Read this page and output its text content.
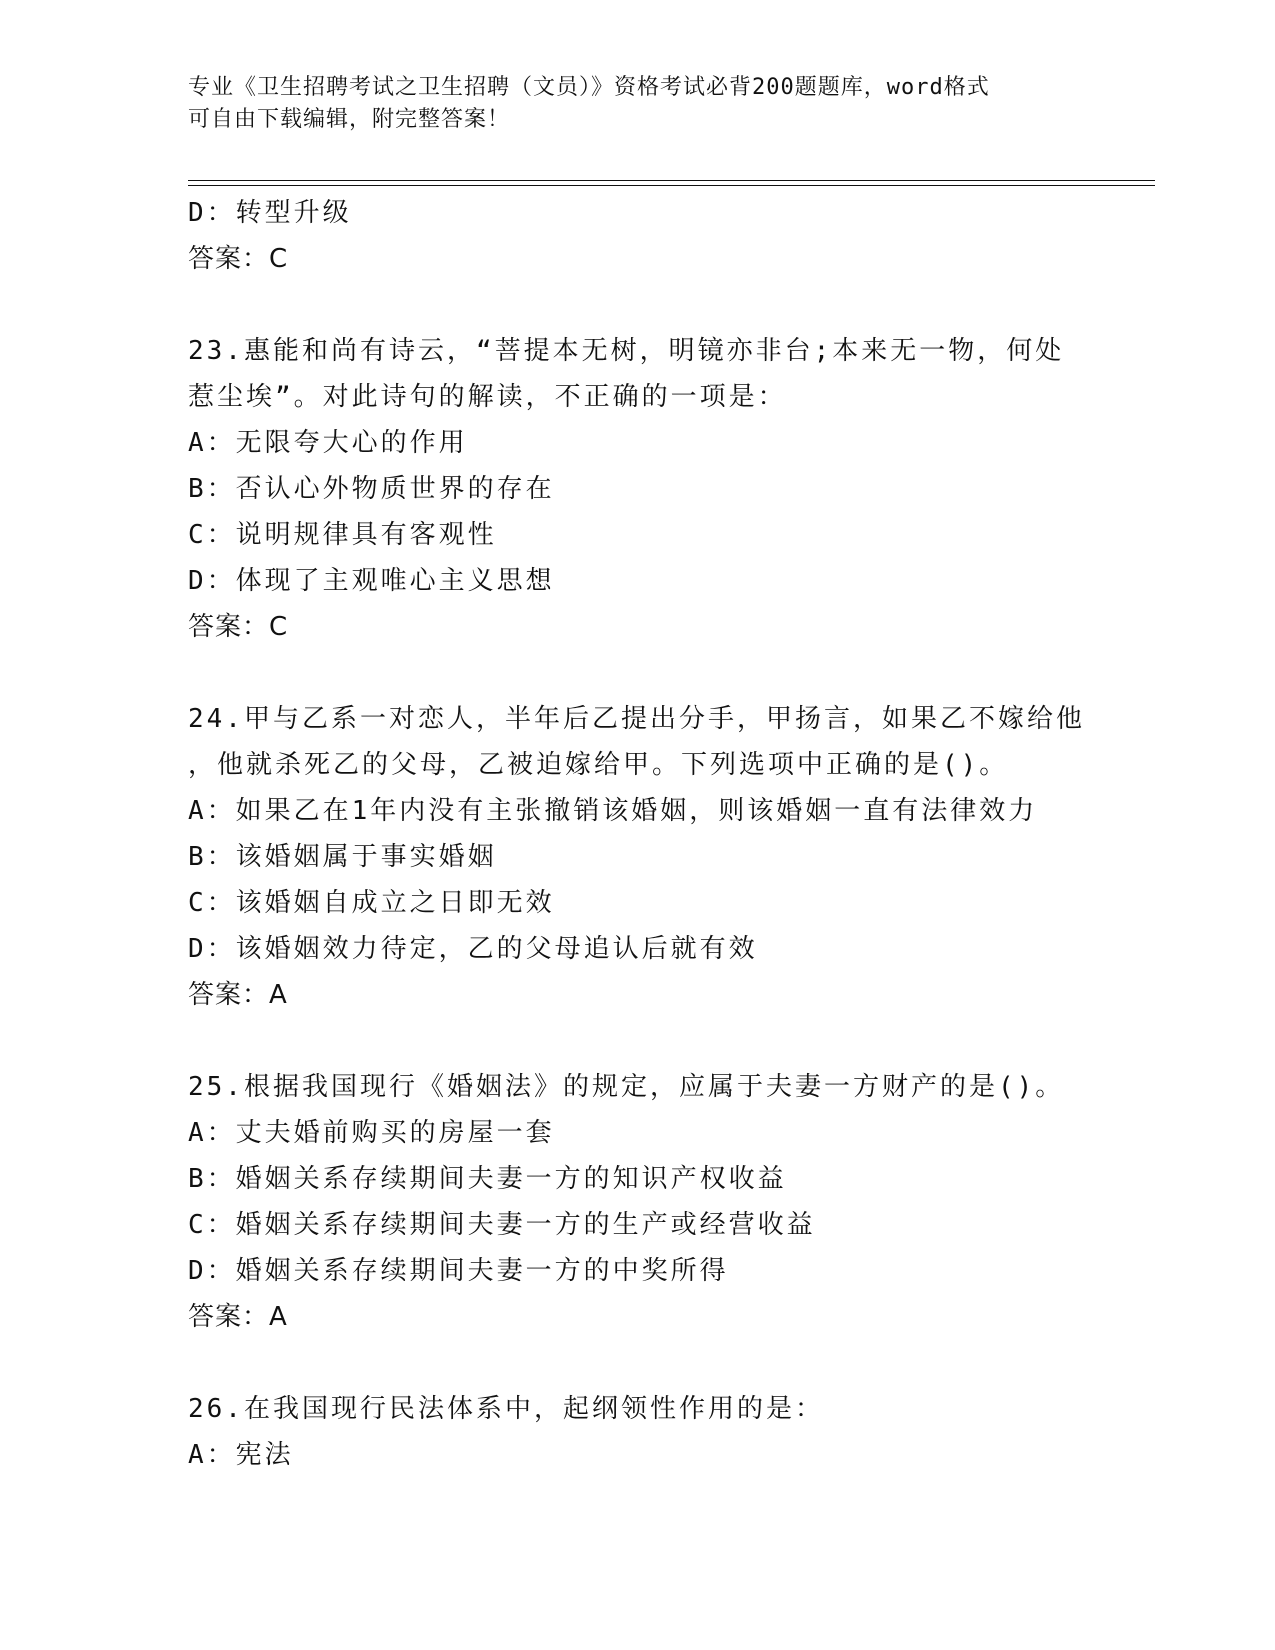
专业《卫生招聘考试之卫生招聘（文员）》资格考试必背200题题库，word格式
可自由下载编辑，附完整答案！
D：转型升级
答案：C
23.惠能和尚有诗云，“菩提本无树，明镜亦非台;本来无一物，何处
惹尘埃”。对此诗句的解读，不正确的一项是：
A：无限夸大心的作用
B：否认心外物质世界的存在
C：说明规律具有客观性
D：体现了主观唯心主义思想
答案：C
24.甲与乙系一对恋人，半年后乙提出分手，甲扬言，如果乙不嫁给他
，他就杀死乙的父母，乙被迫嫁给甲。下列选项中正确的是()。
A：如果乙在1年内没有主张撤销该婚姻，则该婚姻一直有法律效力
B：该婚姻属于事实婚姻
C：该婚姻自成立之日即无效
D：该婚姻效力待定，乙的父母追认后就有效
答案：A
25.根据我国现行《婚姻法》的规定，应属于夫妻一方财产的是()。
A：丈夫婚前购买的房屋一套
B：婚姻关系存续期间夫妻一方的知识产权收益
C：婚姻关系存续期间夫妻一方的生产或经营收益
D：婚姻关系存续期间夫妻一方的中奖所得
答案：A
26.在我国现行民法体系中，起纲领性作用的是：
A：宪法
